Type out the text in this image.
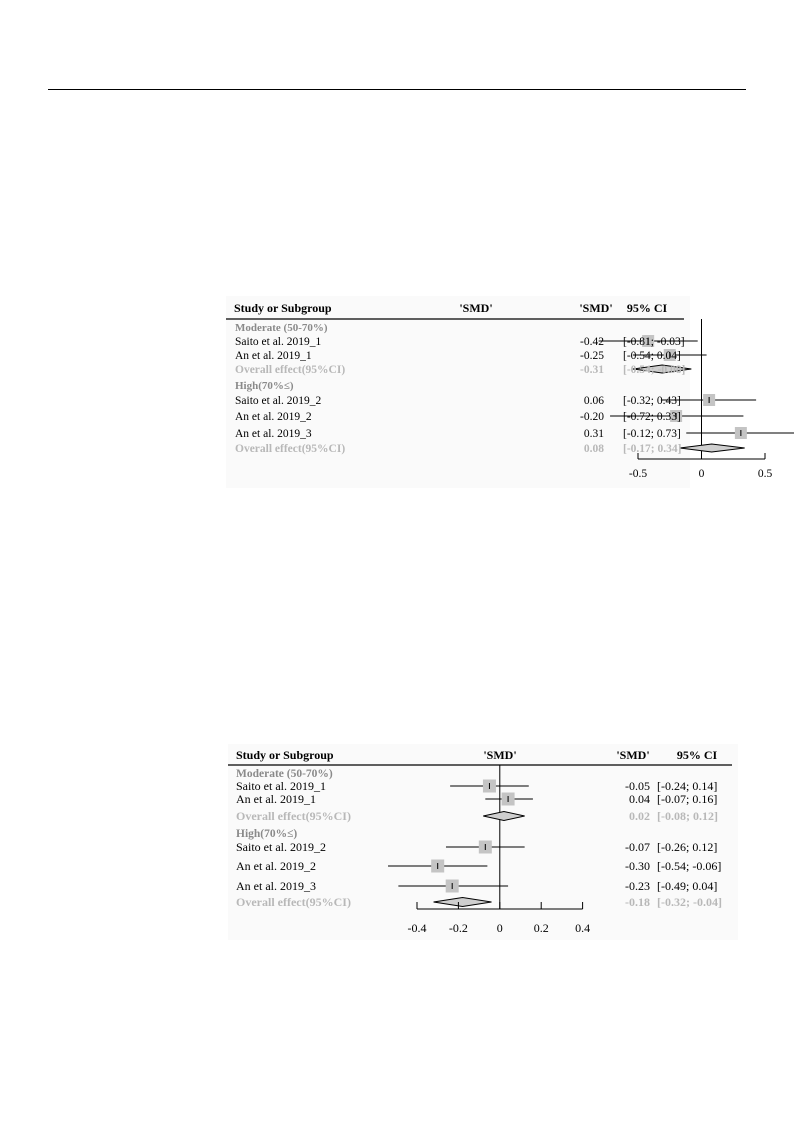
Study or Subgroup	'SMD'	'SMD' 95% CI
Moderate (50-70%)
Saito et al. 2019_1	-0.42 [-0.81; -0.03]
An et al. 2019_1	-0.25 [-0.54; 0.04]
Overall effect(95%CI)	-0.31 [-0.54; -0.08]
High(70%≤)
Saito et al. 2019_2	0.06 [-0.32; 0.43]
An et al. 2019_2	-0.20 [-0.72; 0.33]
An et al. 2019_3	0.31 [-0.12; 0.73]
Overall effect(95%CI)	0.08 [-0.17; 0.34]
-0.5	0	0.5
Study or Subgroup	'SMD'	'SMD' 95% CI
Moderate (50-70%)
Saito et al. 2019_1	-0.05 [-0.24; 0.14]
An et al. 2019_1	0.04 [-0.07; 0.16]
Overall effect(95%CI)	0.02 [-0.08; 0.12]
High(70%≤)
Saito et al. 2019_2	-0.07 [-0.26; 0.12]
An et al. 2019_2	-0.30 [-0.54; -0.06]
An et al. 2019_3	-0.23 [-0.49; 0.04]
Overall effect(95%CI)	-0.18 [-0.32; -0.04]
-0.4 -0.2 0	0.2 0.4
